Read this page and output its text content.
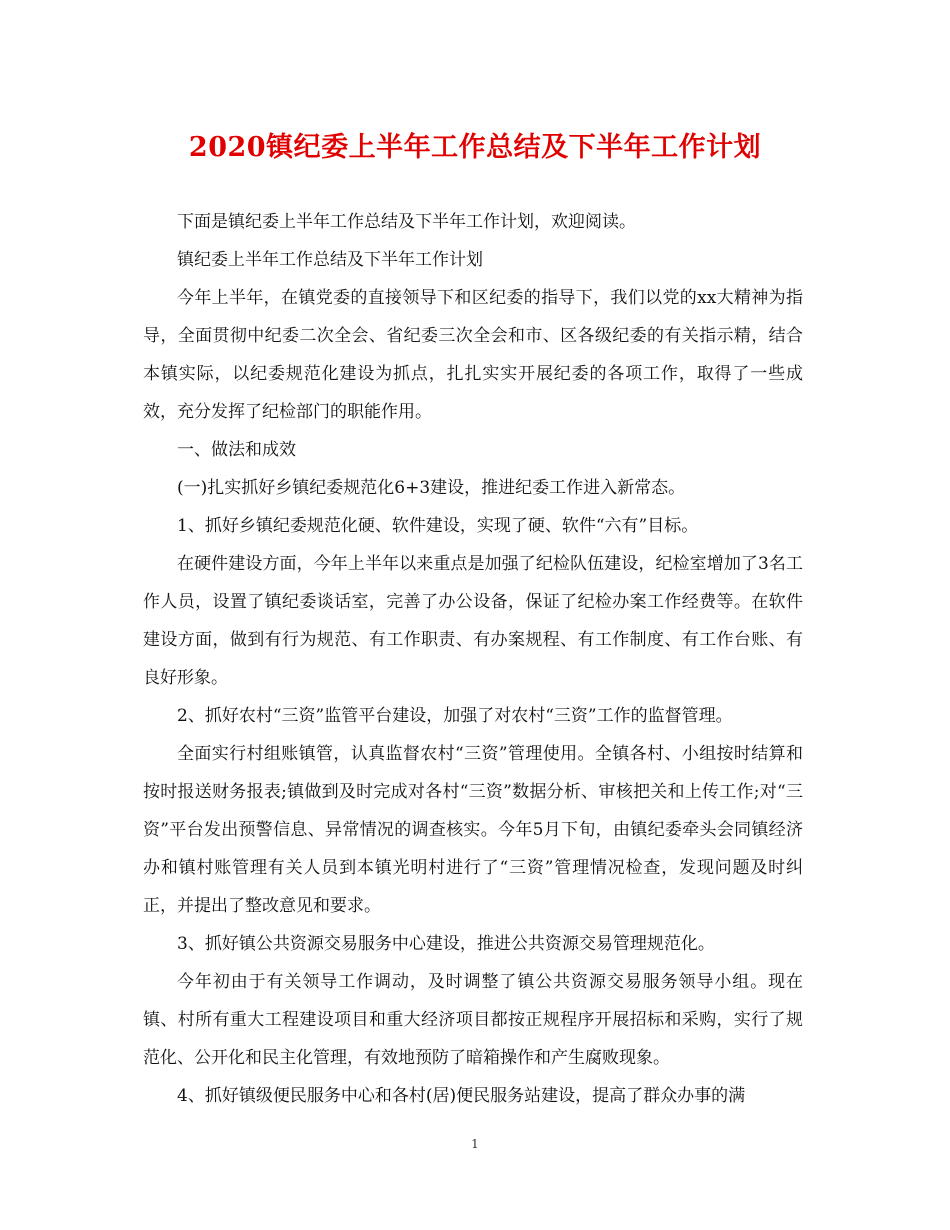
2020镇纪委上半年工作总结及下半年工作计划

下面是镇纪委上半年工作总结及下半年工作计划，欢迎阅读。

镇纪委上半年工作总结及下半年工作计划

今年上半年，在镇党委的直接领导下和区纪委的指导下，我们以党的xx大精神为指导，全面贯彻中纪委二次全会、省纪委三次全会和市、区各级纪委的有关指示精，结合本镇实际，以纪委规范化建设为抓点，扎扎实实开展纪委的各项工作，取得了一些成效，充分发挥了纪检部门的职能作用。

一、做法和成效

(一)扎实抓好乡镇纪委规范化6+3建设，推进纪委工作进入新常态。

1、抓好乡镇纪委规范化硬、软件建设，实现了硬、软件“六有”目标。

在硬件建设方面，今年上半年以来重点是加强了纪检队伍建设，纪检室增加了3名工作人员，设置了镇纪委谈话室，完善了办公设备，保证了纪检办案工作经费等。在软件建设方面，做到有行为规范、有工作职责、有办案规程、有工作制度、有工作台账、有良好形象。

2、抓好农村“三资”监管平台建设，加强了对农村“三资”工作的监督管理。

全面实行村组账镇管，认真监督农村“三资”管理使用。全镇各村、小组按时结算和按时报送财务报表;镇做到及时完成对各村“三资”数据分析、审核把关和上传工作;对“三资”平台发出预警信息、异常情况的调查核实。今年5月下旬，由镇纪委牵头会同镇经济办和镇村账管理有关人员到本镇光明村进行了“三资”管理情况检查，发现问题及时纠正，并提出了整改意见和要求。

3、抓好镇公共资源交易服务中心建设，推进公共资源交易管理规范化。

今年初由于有关领导工作调动，及时调整了镇公共资源交易服务领导小组。现在镇、村所有重大工程建设项目和重大经济项目都按正规程序开展招标和采购，实行了规范化、公开化和民主化管理，有效地预防了暗箱操作和产生腐败现象。

4、抓好镇级便民服务中心和各村(居)便民服务站建设，提高了群众办事的满

1
